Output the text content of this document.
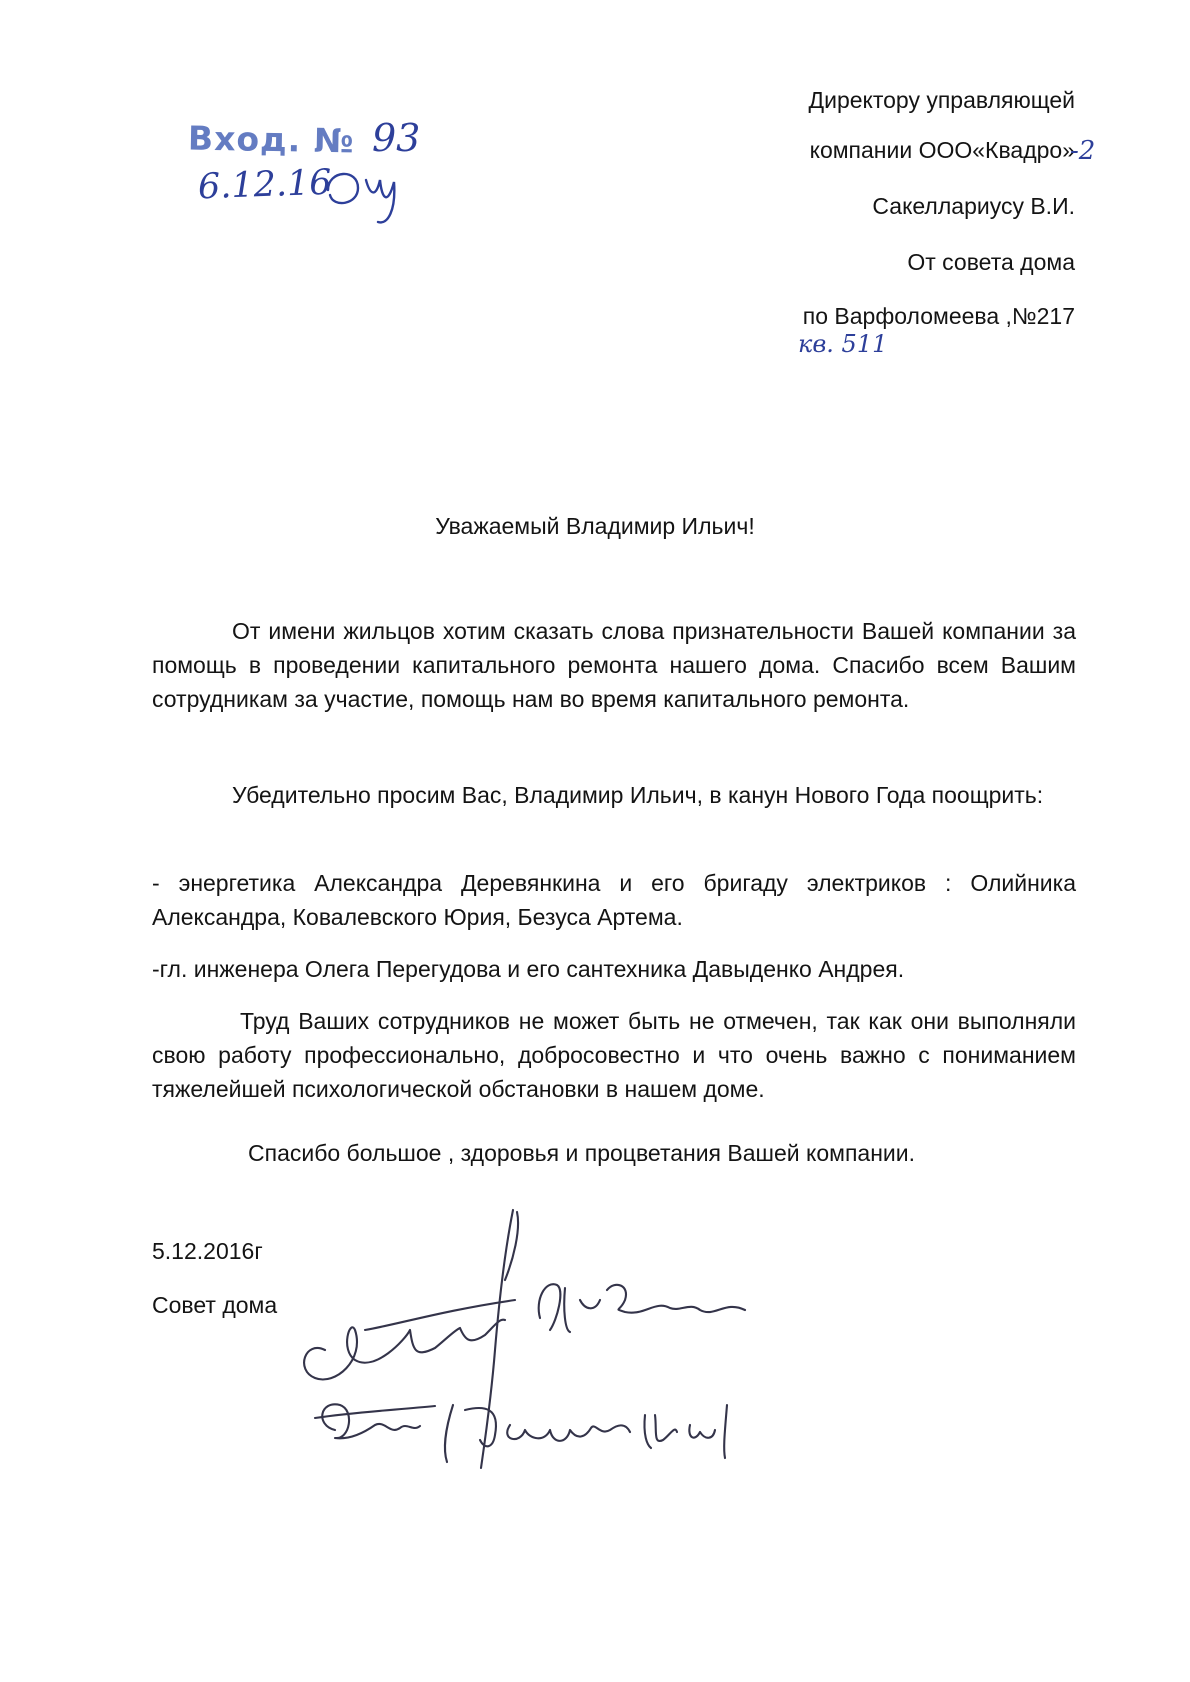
Вход. № 93
6.12.16
Директору управляющей
компании ООО«Квадро»
-2
Сакеллариусу В.И.
От совета дома
по Варфоломеева ,№217
кв. 511
Уважаемый Владимир Ильич!
От имени жильцов хотим сказать слова признательности Вашей компании за помощь в проведении капитального ремонта нашего дома. Спасибо всем Вашим сотрудникам за участие, помощь нам во время капитального ремонта.
Убедительно просим Вас, Владимир Ильич, в канун Нового Года поощрить:
- энергетика Александра Деревянкина и его бригаду электриков : Олийника Александра, Ковалевского Юрия, Безуса Артема.
-гл. инженера Олега Перегудова и его сантехника Давыденко Андрея.
Труд Ваших сотрудников не может быть не отмечен, так как они выполняли свою работу профессионально, добросовестно и что очень важно с пониманием тяжелейшей психологической обстановки в нашем доме.
Спасибо большое , здоровья и процветания Вашей компании.
5.12.2016г
Совет дома
